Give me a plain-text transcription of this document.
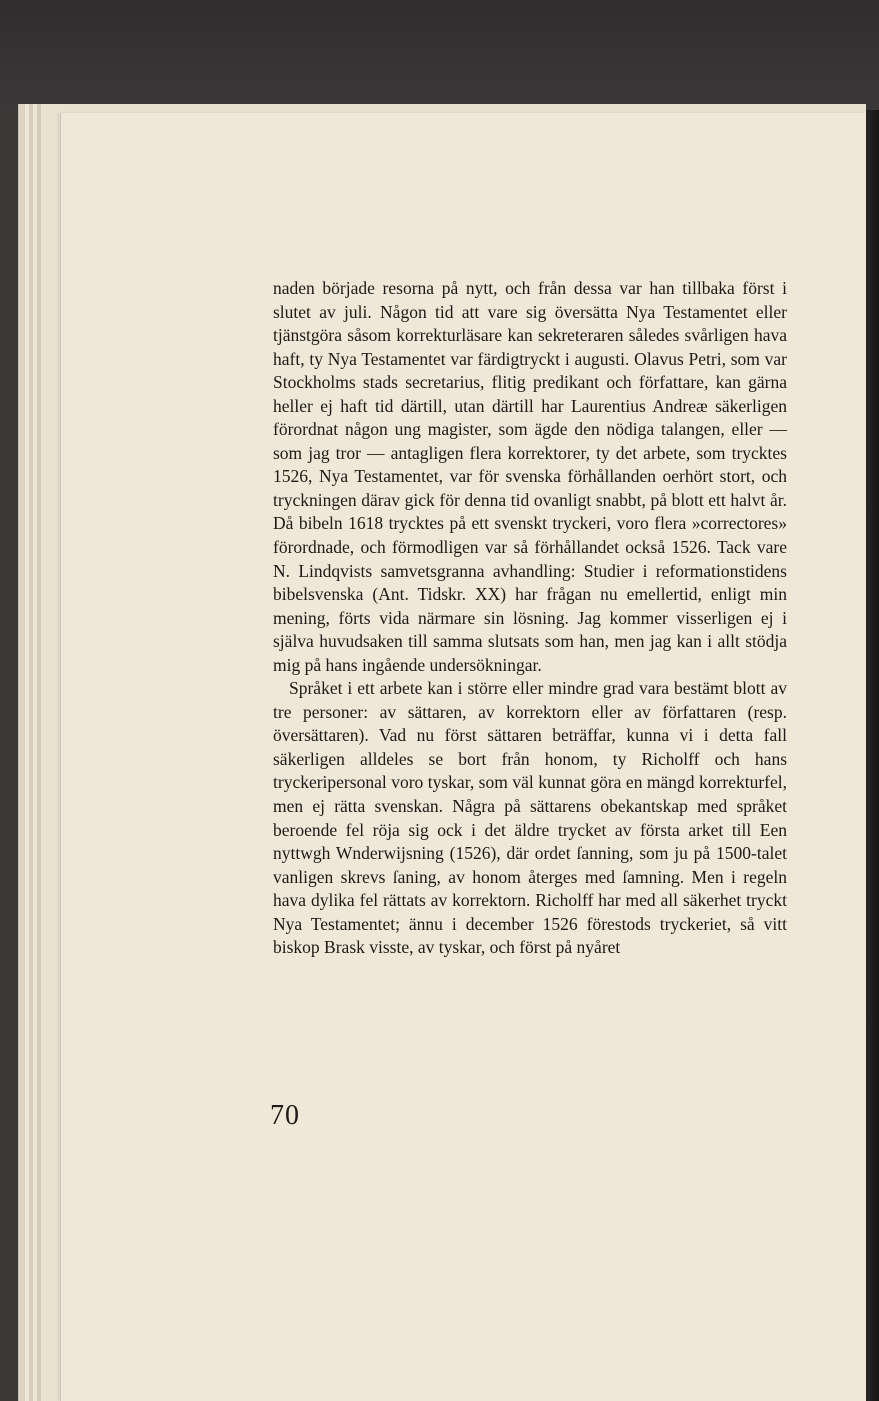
naden började resorna på nytt, och från dessa var han tillbaka först i slutet av juli. Någon tid att vare sig översätta Nya Testamentet eller tjänstgöra såsom korrekturläsare kan sekreteraren således svårligen hava haft, ty Nya Testamentet var färdigtryckt i augusti. Olavus Petri, som var Stockholms stads secretarius, flitig predikant och författare, kan gärna heller ej haft tid därtill, utan därtill har Laurentius Andreæ säkerligen förordnat någon ung magister, som ägde den nödiga talangen, eller — som jag tror — antagligen flera korrektorer, ty det arbete, som trycktes 1526, Nya Testamentet, var för svenska förhållanden oerhört stort, och tryckningen därav gick för denna tid ovanligt snabbt, på blott ett halvt år. Då bibeln 1618 trycktes på ett svenskt tryckeri, voro flera »correctores» förordnade, och förmodligen var så förhållandet också 1526. Tack vare N. Lindqvists samvetsgranna avhandling: Studier i reformationstidens bibelsvenska (Ant. Tidskr. XX) har frågan nu emellertid, enligt min mening, förts vida närmare sin lösning. Jag kommer visserligen ej i själva huvudsaken till samma slutsats som han, men jag kan i allt stödja mig på hans ingående undersökningar.

Språket i ett arbete kan i större eller mindre grad vara bestämt blott av tre personer: av sättaren, av korrektorn eller av författaren (resp. översättaren). Vad nu först sättaren beträffar, kunna vi i detta fall säkerligen alldeles se bort från honom, ty Richolff och hans tryckeripersonal voro tyskar, som väl kunnat göra en mängd korrekturfel, men ej rätta svenskan. Några på sättarens obekantskap med språket beroende fel röja sig ock i det äldre trycket av första arket till Een nyttwgh Wnderwijsning (1526), där ordet ſanning, som ju på 1500-talet vanligen skrevs ſaning, av honom återges med ſamning. Men i regeln hava dylika fel rättats av korrektorn. Richolff har med all säkerhet tryckt Nya Testamentet; ännu i december 1526 förestods tryckeriet, så vitt biskop Brask visste, av tyskar, och först på nyåret

70
